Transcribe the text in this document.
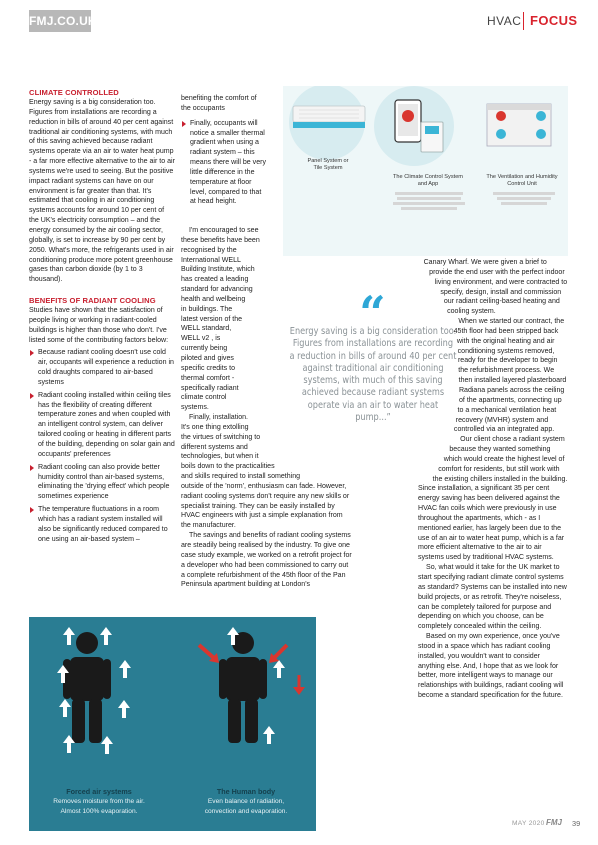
FMJ.CO.UK	HVAC FOCUS

CLIMATE CONTROLLED

Energy saving is a big consideration too. Figures from installations are recording a reduction in bills of around 40 per cent against traditional air conditioning systems, with much of this saving achieved because radiant systems operate via an air to water heat pump - a far more effective alternative to the air to air systems we're used to seeing. But the positive impact radiant systems can have on our environment is far greater than that. It's estimated that cooling in air conditioning systems accounts for around 10 per cent of the UK's electricity consumption – and the energy consumed by the air cooling sector, globally, is set to increase by 90 per cent by 2050. What's more, the refrigerants used in air conditioning produce more potent greenhouse gases than carbon dioxide (by 1 to 3 thousand).

BENEFITS OF RADIANT COOLING

Studies have shown that the satisfaction of people living or working in radiant-cooled buildings is higher than those who don't. I've listed some of the contributing factors below:

Because radiant cooling doesn't use cold air, occupants will experience a reduction in cold draughts compared to air-based systems

Radiant cooling installed within ceiling tiles has the flexibility of creating different temperature zones and when coupled with an intelligent control system, can deliver tailored cooling or heating in different parts of the building, depending on solar gain and occupants' preferences

Radiant cooling can also provide better humidity control than air-based systems, eliminating the 'drying effect' which people sometimes experience

The temperature fluctuations in a room which has a radiant system installed will also be significantly reduced compared to one using an air-based system –

benefiting the comfort of the occupants

Finally, occupants will notice a smaller thermal gradient when using a radiant system – this means there will be very little difference in the temperature at floor level, compared to that at head height.

I'm encouraged to see these benefits have been recognised by the International WELL Building Institute, which has created a leading standard for advancing health and wellbeing in buildings. The latest version of the WELL standard, WELL v2 , is currently being piloted and gives specific credits to thermal comfort - specifically radiant climate control systems.

Finally, installation. It's one thing extolling the virtues of switching to different systems and technologies, but when it boils down to the practicalities and skills required to install something outside of the 'norm', enthusiasm can fade. However, radiant cooling systems don't require any new skills or specialist training. They can be easily installed by HVAC engineers with just a simple explanation from the manufacturer.

The savings and benefits of radiant cooling systems are steadily being realised by the industry. To give one case study example, we worked on a retrofit project for a developer who had been commissioned to carry out a complete refurbishment of the 45th floor of the Pan Peninsula apartment building at London's

Canary Wharf. We were given a brief to provide the end user with the perfect indoor living environment, and were contracted to specify, design, install and commission our radiant ceiling-based heating and cooling system.

When we started our contract, the 45th floor had been stripped back with the original heating and air conditioning systems removed, ready for the developer to begin the refurbishment process. We then installed layered plasterboard Radiana panels across the ceiling of the apartments, connecting up to a mechanical ventilation heat recovery (MVHR) system and controlled via an integrated app.

Our client chose a radiant system because they wanted something which would create the highest level of comfort for residents, but still work with the existing chillers installed in the building. Since installation, a significant 35 per cent energy saving has been delivered against the HVAC fan coils which were previously in use throughout the apartments, which - as I mentioned earlier, has largely been due to the use of an air to water heat pump, which is a far more efficient alternative to the air to air systems used by traditional HVAC systems.

So, what would it take for the UK market to start specifying radiant climate control systems as standard? Systems can be installed into new build projects, or as retrofit. They're noiseless, can be completely tailored for purpose and depending on which you choose, can be completely concealed within the ceiling.

Based on my own experience, once you've stood in a space which has radiant cooling installed, you wouldn't want to consider anything else. And, I hope that as we look for better, more intelligent ways to manage our relationships with buildings, radiant cooling will become a standard specification for the future.

Panel System or Tile System
The Climate Control System and App
The Ventilation and Humidity Control Unit
“
Energy saving is a big consideration too. Figures from installations are recording a reduction in bills of around 40 per cent against traditional air conditioning systems, with much of this saving achieved because radiant systems operate via an air to water heat pump...”
Forced air systems
Removes moisture from the air.
Almost 100% evaporation.
The Human body
Even balance of radiation,
convection and evaporation.
MAY 2020 FMJ 39
